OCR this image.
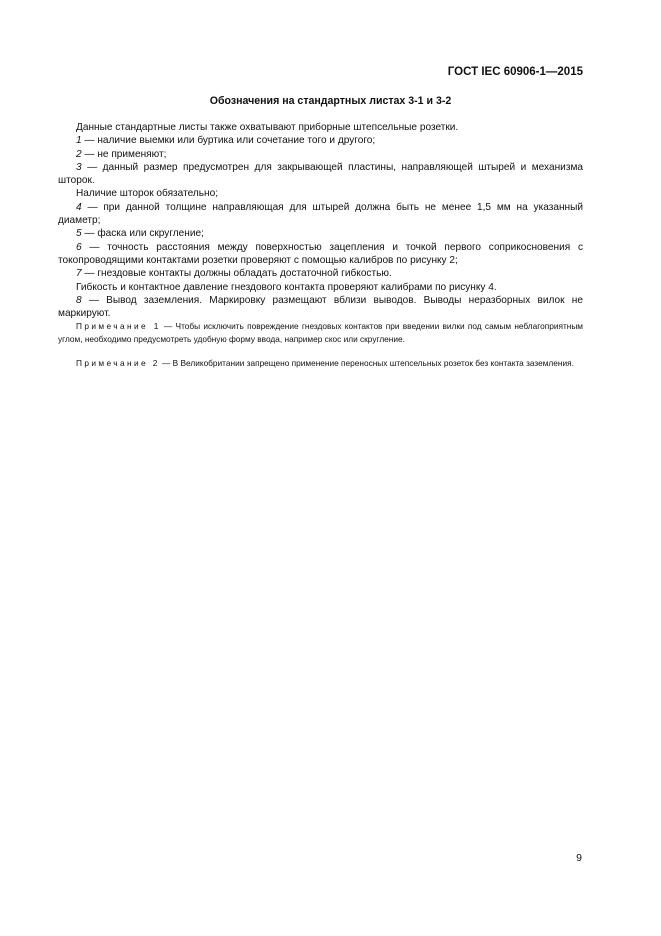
ГОСТ IEC 60906-1—2015
Обозначения на стандартных листах 3-1 и 3-2

Данные стандартные листы также охватывают приборные штепсельные розетки.

1 — наличие выемки или буртика или сочетание того и другого;

2 — не применяют;

3 — данный размер предусмотрен для закрывающей пластины, направляющей штырей и механизма шторок.

Наличие шторок обязательно;

4 — при данной толщине направляющая для штырей должна быть не менее 1,5 мм на указанный диаметр;

5 — фаска или скругление;

6 — точность расстояния между поверхностью зацепления и точкой первого соприкосновения с токопроводящими контактами розетки проверяют с помощью калибров по рисунку 2;

7 — гнездовые контакты должны обладать достаточной гибкостью.

Гибкость и контактное давление гнездового контакта проверяют калибрами по рисунку 4.

8 — Вывод заземления. Маркировку размещают вблизи выводов. Выводы неразборных вилок не маркируют.

Примечание 1 — Чтобы исключить повреждение гнездовых контактов при введении вилки под самым неблагоприятным углом, необходимо предусмотреть удобную форму ввода, например скос или скругление.

Примечание 2 — В Великобритании запрещено применение переносных штепсельных розеток без контакта заземления.

9
